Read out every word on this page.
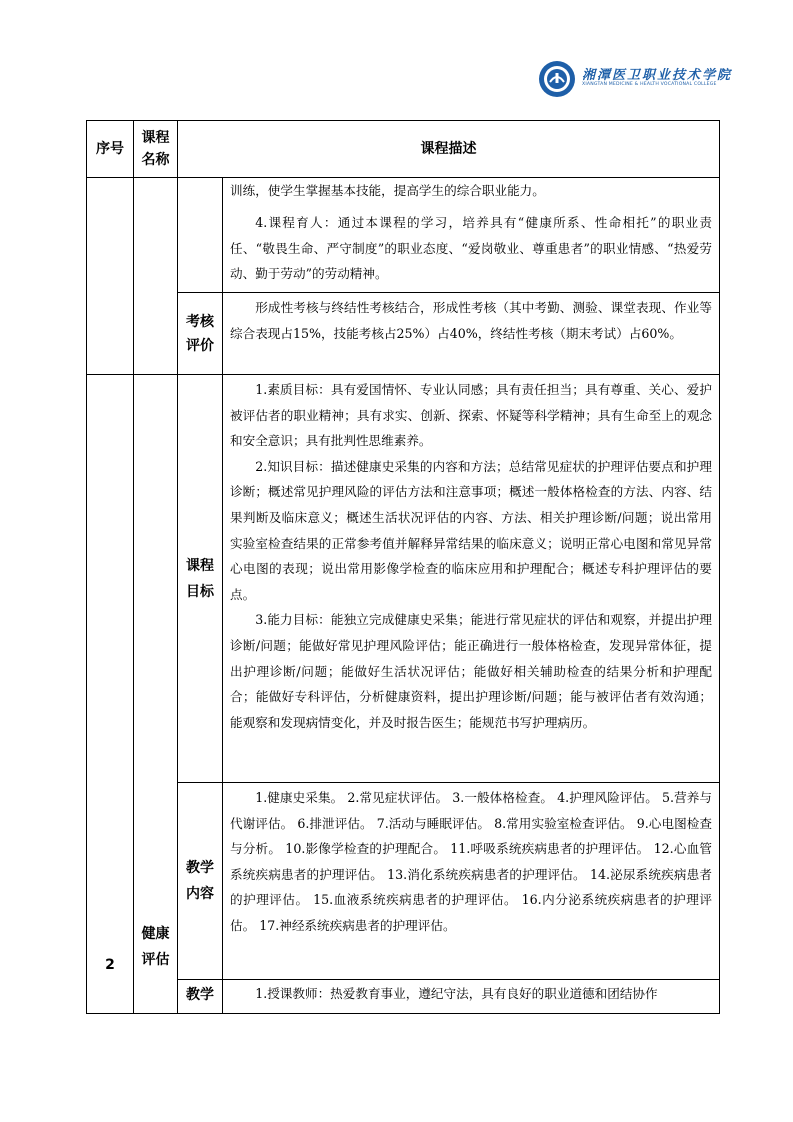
湘潭医卫职业技术学院
XIANGTAN MEDICINE & HEALTH VOCATIONAL COLLEGE
序号	课程名称	课程描述	

			训练，使学生掌握基本技能，提高学生的综合职业能力。

4.课程育人：通过本课程的学习，培养具有“健康所系、性命相托”的职业责任、“敬畏生命、严守制度”的职业态度、“爱岗敬业、尊重患者”的职业情感、“热爱劳动、勤于劳动”的劳动精神。

		考核评价	形成性考核与终结性考核结合，形成性考核（其中考勤、测验、课堂表现、作业等综合表现占15%，技能考核占25%）占40%，终结性考核（期末考试）占60%。

2	健康评估	课程目标	1.素质目标：具有爱国情怀、专业认同感；具有责任担当；具有尊重、关心、爱护被评估者的职业精神；具有求实、创新、探索、怀疑等科学精神；具有生命至上的观念和安全意识；具有批判性思维素养。

2.知识目标：描述健康史采集的内容和方法；总结常见症状的护理评估要点和护理诊断；概述常见护理风险的评估方法和注意事项；概述一般体格检查的方法、内容、结果判断及临床意义；概述生活状况评估的内容、方法、相关护理诊断/问题；说出常用实验室检查结果的正常参考值并解释异常结果的临床意义；说明正常心电图和常见异常心电图的表现；说出常用影像学检查的临床应用和护理配合；概述专科护理评估的要点。

3.能力目标：能独立完成健康史采集；能进行常见症状的评估和观察，并提出护理诊断/问题；能做好常见护理风险评估；能正确进行一般体格检查，发现异常体征，提出护理诊断/问题；能做好生活状况评估；能做好相关辅助检查的结果分析和护理配合；能做好专科评估，分析健康资料，提出护理诊断/问题；能与被评估者有效沟通；能观察和发现病情变化，并及时报告医生；能规范书写护理病历。

		教学内容	1.健康史采集。 2.常见症状评估。 3.一般体格检查。 4.护理风险评估。 5.营养与代谢评估。 6.排泄评估。 7.活动与睡眠评估。 8.常用实验室检查评估。 9.心电图检查与分析。 10.影像学检查的护理配合。 11.呼吸系统疾病患者的护理评估。 12.心血管系统疾病患者的护理评估。 13.消化系统疾病患者的护理评估。 14.泌尿系统疾病患者的护理评估。 15.血液系统疾病患者的护理评估。 16.内分泌系统疾病患者的护理评估。 17.神经系统疾病患者的护理评估。

		教学	1.授课教师：热爱教育事业，遵纪守法，具有良好的职业道德和团结协作
